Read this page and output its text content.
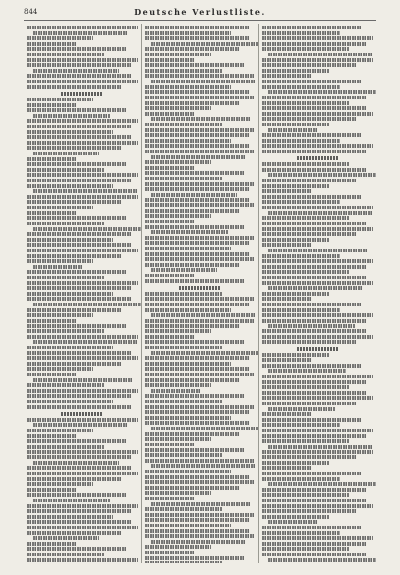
844	Deutsche Verlustliste.
